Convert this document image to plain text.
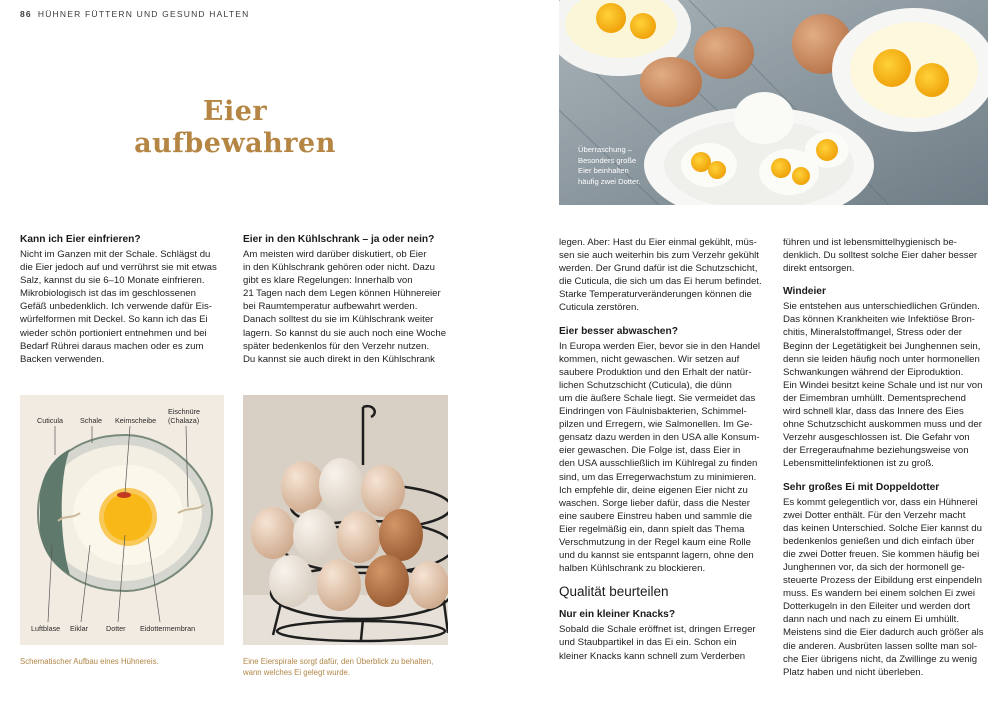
86 HÜHNER FÜTTERN UND GESUND HALTEN
Eier
aufbewahren	Überraschung –
Besonders große
Eier beinhalten
häufig zwei Dotter.
Kann ich Eier einfrieren?
Nicht im Ganzen mit der Schale. Schlägst du
die Eier jedoch auf und verrührst sie mit etwas
Salz, kannst du sie 6–10 Monate einfrieren.
Mikrobiologisch ist das im geschlossenen
Gefäß unbedenklich. Ich verwende dafür Eis-
würfelformen mit Deckel. So kann ich das Ei
wieder schön portioniert entnehmen und bei
Bedarf Rührei daraus machen oder es zum
Backen verwenden.
Eier in den Kühlschrank – ja oder nein?
Am meisten wird darüber diskutiert, ob Eier
in den Kühlschrank gehören oder nicht. Dazu
gibt es klare Regelungen: Innerhalb von
21 Tagen nach dem Legen können Hühnereier
bei Raumtemperatur aufbewahrt werden.
Danach solltest du sie im Kühlschrank weiter
lagern. So kannst du sie auch noch eine Woche
später bedenkenlos für den Verzehr nutzen.
Du kannst sie auch direkt in den Kühlschrank
Cuticula Schale Keimscheibe
Eischnüre
(Chalaza)
Luftblase Eiklar	Dotter Eidottermembran
Schematischer Aufbau eines Hühnereis.	Eine Eierspirale sorgt dafür, den Überblick zu behalten,
wann welches Ei gelegt wurde.

legen. Aber: Hast du Eier einmal gekühlt, müs-
sen sie auch weiterhin bis zum Verzehr gekühlt
werden. Der Grund dafür ist die Schutzschicht,
die Cuticula, die sich um das Ei herum befindet.
Starke Temperaturveränderungen können die
Cuticula zerstören.

Eier besser abwaschen?

In Europa werden Eier, bevor sie in den Handel
kommen, nicht gewaschen. Wir setzen auf
saubere Produktion und den Erhalt der natür-
lichen Schutzschicht (Cuticula), die dünn
um die äußere Schale liegt. Sie vermeidet das
Eindringen von Fäulnisbakterien, Schimmel-
pilzen und Erregern, wie Salmonellen. Im Ge-
gensatz dazu werden in den USA alle Konsum-
eier gewaschen. Die Folge ist, dass Eier in
den USA ausschließlich im Kühlregal zu finden
sind, um das Erregerwachstum zu minimieren.
Ich empfehle dir, deine eigenen Eier nicht zu
waschen. Sorge lieber dafür, dass die Nester
eine saubere Einstreu haben und sammle die
Eier regelmäßig ein, dann spielt das Thema
Verschmutzung in der Regel kaum eine Rolle
und du kannst sie entspannt lagern, ohne den
halben Kühlschrank zu blockieren.

Qualität beurteilen
Nur ein kleiner Knacks?

Sobald die Schale eröffnet ist, dringen Erreger
und Staubpartikel in das Ei ein. Schon ein
kleiner Knacks kann schnell zum Verderben

führen und ist lebensmittelhygienisch be-
denklich. Du solltest solche Eier daher besser
direkt entsorgen.

Windeier

Sie entstehen aus unterschiedlichen Gründen.
Das können Krankheiten wie Infektiöse Bron-
chitis, Mineralstoffmangel, Stress oder der
Beginn der Legetätigkeit bei Junghennen sein,
denn sie leiden häufig noch unter hormonellen
Schwankungen während der Eiproduktion.
Ein Windei besitzt keine Schale und ist nur von
der Eimembran umhüllt. Dementsprechend
wird schnell klar, dass das Innere des Eies
ohne Schutzschicht auskommen muss und der
Verzehr ausgeschlossen ist. Die Gefahr von
der Erregeraufnahme beziehungsweise von
Lebensmittelinfektionen ist zu groß.

Sehr großes Ei mit Doppeldotter

Es kommt gelegentlich vor, dass ein Hühnerei
zwei Dotter enthält. Für den Verzehr macht
das keinen Unterschied. Solche Eier kannst du
bedenkenlos genießen und dich einfach über
die zwei Dotter freuen. Sie kommen häufig bei
Junghennen vor, da sich der hormonell ge-
steuerte Prozess der Eibildung erst einpendeln
muss. Es wandern bei einem solchen Ei zwei
Dotterkugeln in den Eileiter und werden dort
dann nach und nach zu einem Ei umhüllt.
Meistens sind die Eier dadurch auch größer als
die anderen. Ausbrüten lassen sollte man sol-
che Eier übrigens nicht, da Zwillinge zu wenig
Platz haben und nicht überleben.
